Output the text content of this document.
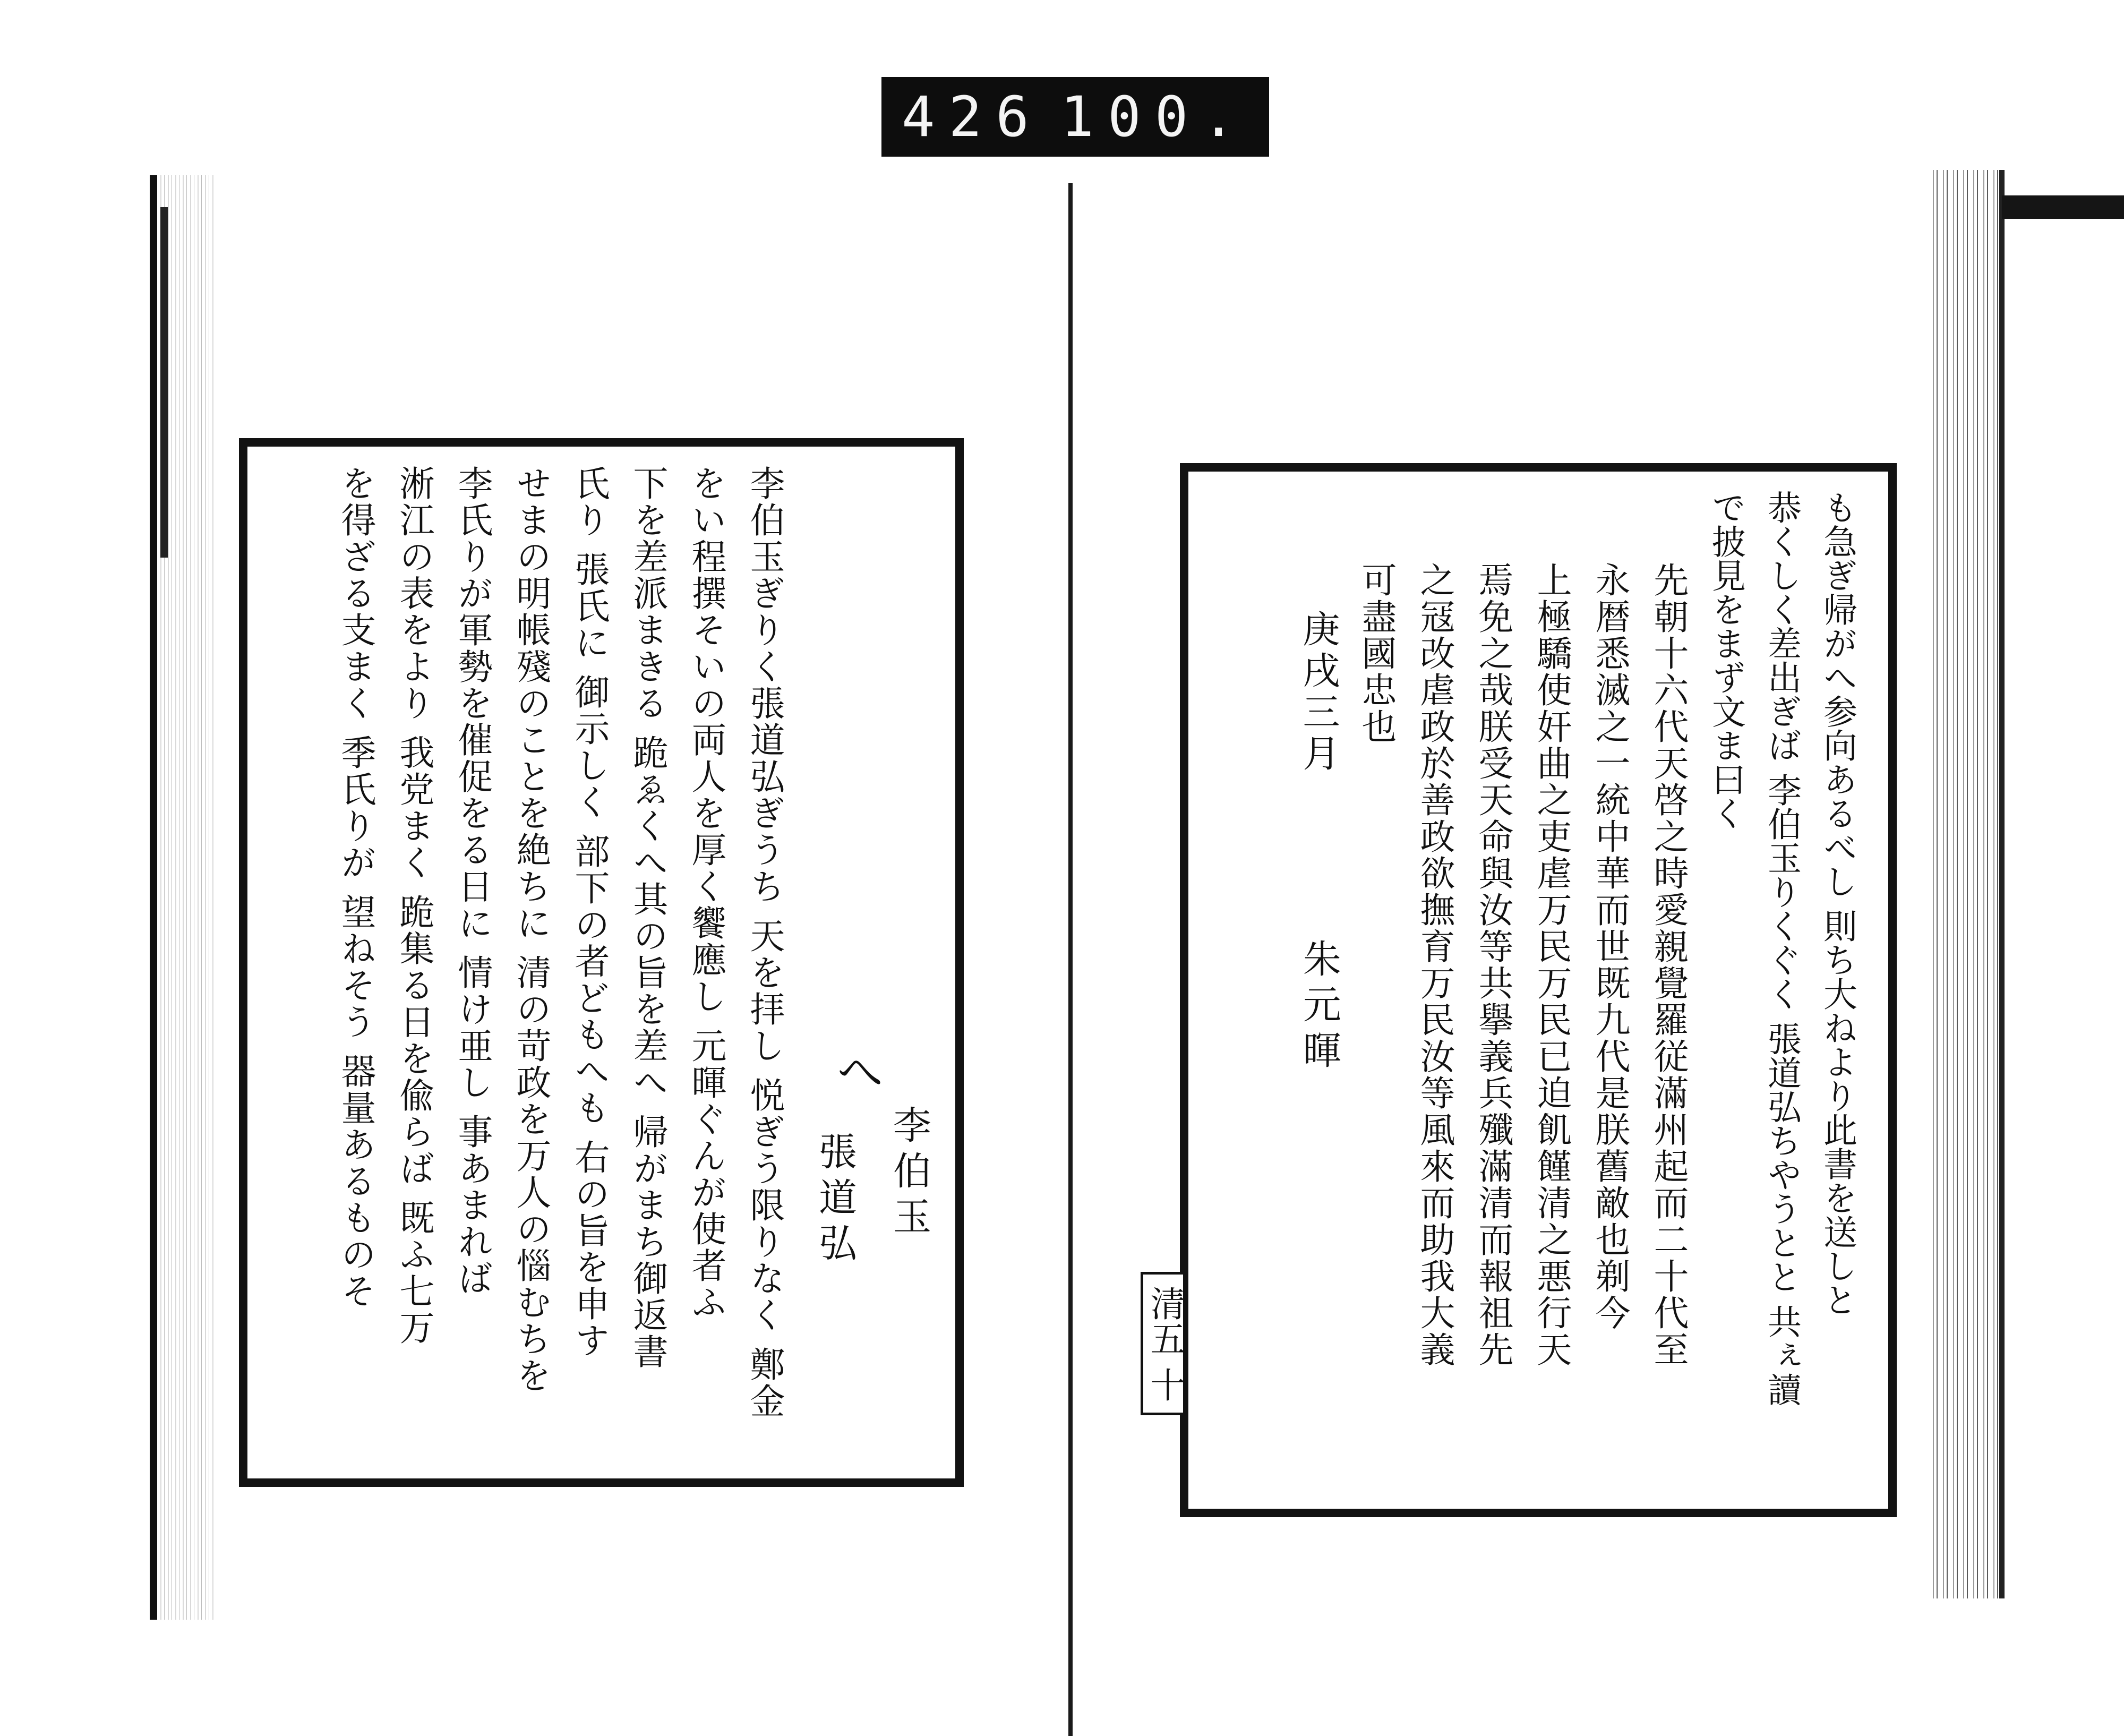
426 100.
へ
李伯玉
張道弘
李伯玉ぎりく張道弘ぎうち 天を拝し 悦ぎう限りなく 鄭金
をい程撰そいの両人を厚く饗應し 元暉ぐんが使者ふ
下を差派まきる 跪ゑくへ其の旨を差へ 帰がまち御返書
氏り 張氏に 御示しく 部下の者どもへも 右の旨を申す
せまの明帳殘のことを絶ちに 清の苛政を万人の惱むちを
李氏りが軍勢を催促をる日に 情け亜し 事あまれば
淅江の表をより 我党まく 跪集る日を偸らば 既ふ七万
を得ざる支まく 季氏りが 望ねそう 器量あるものそ	も急ぎ帰がへ参向あるべし 則ち大ねより此書を送しと
恭くしく差出ぎば 李伯玉りくぐく 張道弘ちやうとと 共ぇ讀
で披見をまず文ま曰く
先朝十六代天啓之時愛親覺羅従滿州起而二十代至
永暦悉滅之一統中華而世既九代是朕舊敵也剃今
上極驕使奸曲之吏虐万民万民已迫飢饉清之悪行天
焉免之哉朕受天命與汝等共擧義兵殲滿清而報祖先
之冦改虐政於善政欲撫育万民汝等風來而助我大義
可盡國忠也
庚戌三月
朱元暉
清五 十
